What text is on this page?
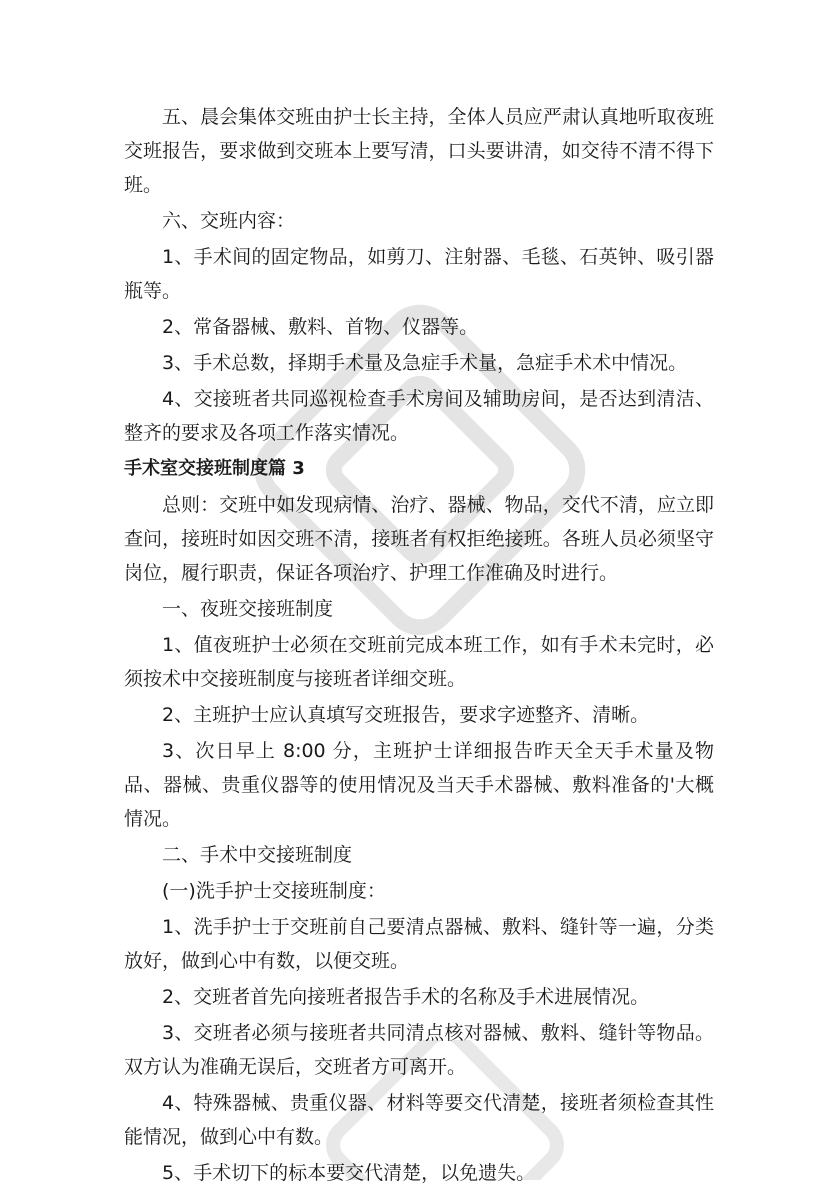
五、晨会集体交班由护士长主持，全体人员应严肃认真地听取夜班交班报告，要求做到交班本上要写清，口头要讲清，如交待不清不得下班。

六、交班内容：

1、手术间的固定物品，如剪刀、注射器、毛毯、石英钟、吸引器瓶等。

2、常备器械、敷料、首物、仪器等。

3、手术总数，择期手术量及急症手术量，急症手术术中情况。

4、交接班者共同巡视检查手术房间及辅助房间，是否达到清洁、整齐的要求及各项工作落实情况。

手术室交接班制度篇 3

总则：交班中如发现病情、治疗、器械、物品，交代不清，应立即查问，接班时如因交班不清，接班者有权拒绝接班。各班人员必须坚守岗位，履行职责，保证各项治疗、护理工作准确及时进行。

一、夜班交接班制度

1、值夜班护士必须在交班前完成本班工作，如有手术未完时，必须按术中交接班制度与接班者详细交班。

2、主班护士应认真填写交班报告，要求字迹整齐、清晰。

3、次日早上 8:00 分，主班护士详细报告昨天全天手术量及物品、器械、贵重仪器等的使用情况及当天手术器械、敷料准备的'大概情况。

二、手术中交接班制度

(一)洗手护士交接班制度：

1、洗手护士于交班前自己要清点器械、敷料、缝针等一遍，分类放好，做到心中有数，以便交班。

2、交班者首先向接班者报告手术的名称及手术进展情况。

3、交班者必须与接班者共同清点核对器械、敷料、缝针等物品。双方认为准确无误后，交班者方可离开。

4、特殊器械、贵重仪器、材料等要交代清楚，接班者须检查其性能情况，做到心中有数。

5、手术切下的标本要交代清楚，以免遗失。
